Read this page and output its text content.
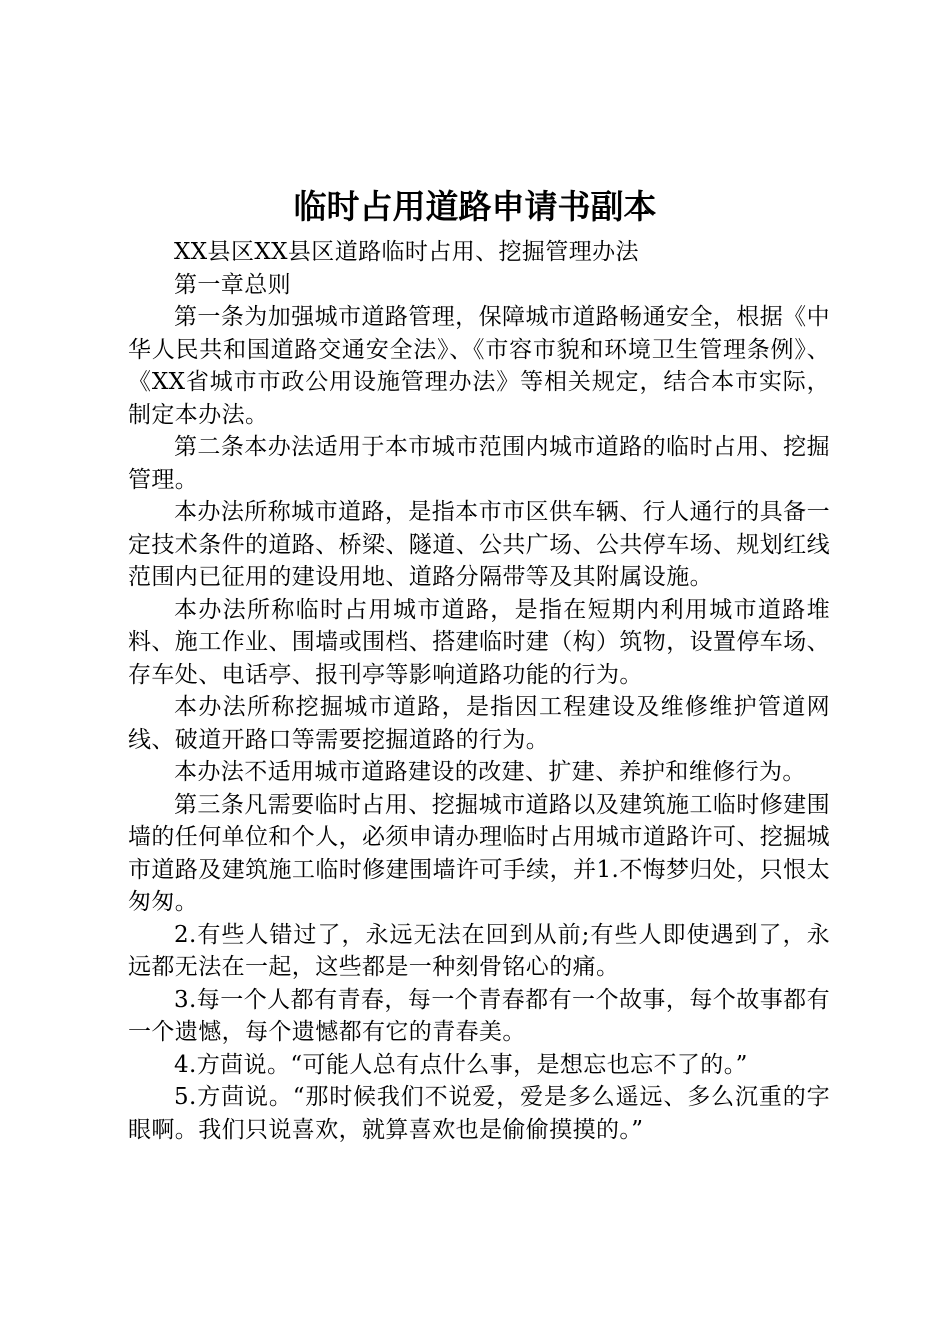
临时占用道路申请书副本

XX县区XX县区道路临时占用、挖掘管理办法

第一章总则

第一条为加强城市道路管理，保障城市道路畅通安全，根据《中华人民共和国道路交通安全法》、《市容市貌和环境卫生管理条例》、《XX省城市市政公用设施管理办法》等相关规定，结合本市实际，制定本办法。

第二条本办法适用于本市城市范围内城市道路的临时占用、挖掘管理。

本办法所称城市道路，是指本市市区供车辆、行人通行的具备一定技术条件的道路、桥梁、隧道、公共广场、公共停车场、规划红线范围内已征用的建设用地、道路分隔带等及其附属设施。

本办法所称临时占用城市道路，是指在短期内利用城市道路堆料、施工作业、围墙或围档、搭建临时建（构）筑物，设置停车场、存车处、电话亭、报刊亭等影响道路功能的行为。

本办法所称挖掘城市道路，是指因工程建设及维修维护管道网线、破道开路口等需要挖掘道路的行为。

本办法不适用城市道路建设的改建、扩建、养护和维修行为。

第三条凡需要临时占用、挖掘城市道路以及建筑施工临时修建围墙的任何单位和个人，必须申请办理临时占用城市道路许可、挖掘城市道路及建筑施工临时修建围墙许可手续，并1.不悔梦归处，只恨太匆匆。

2.有些人错过了，永远无法在回到从前;有些人即使遇到了，永远都无法在一起，这些都是一种刻骨铭心的痛。

3.每一个人都有青春，每一个青春都有一个故事，每个故事都有一个遗憾，每个遗憾都有它的青春美。

4.方茴说。“可能人总有点什么事，是想忘也忘不了的。”

5.方茴说。“那时候我们不说爱，爱是多么遥远、多么沉重的字眼啊。我们只说喜欢，就算喜欢也是偷偷摸摸的。”
